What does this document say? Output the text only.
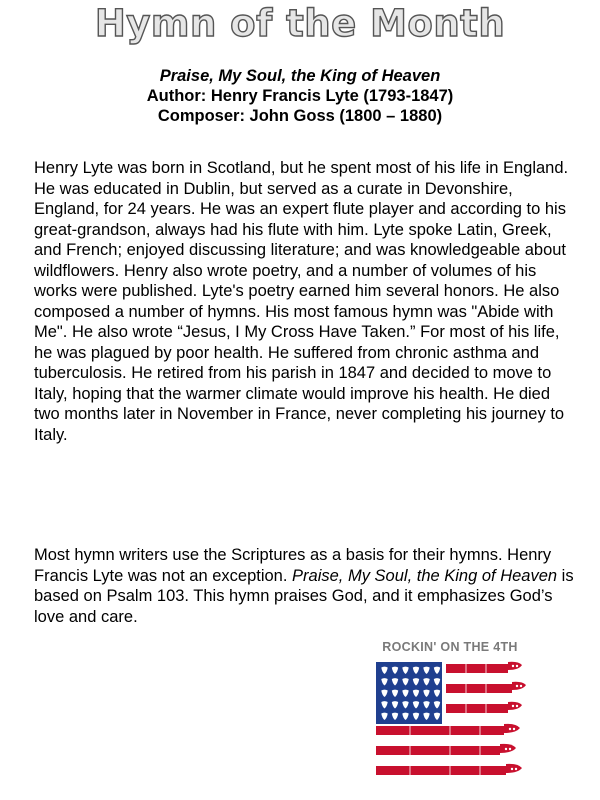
Hymn of the Month
Praise, My Soul, the King of Heaven
Author: Henry Francis Lyte (1793-1847)
Composer: John Goss (1800 – 1880)

Henry Lyte was born in Scotland, but he spent most of his life in England. He was educated in Dublin, but served as a curate in Devonshire, England, for 24 years. He was an expert flute player and according to his great-grandson, always had his flute with him. Lyte spoke Latin, Greek, and French; enjoyed discussing literature; and was knowledgeable about wildflowers. Henry also wrote poetry, and a number of volumes of his works were published. Lyte's poetry earned him several honors. He also composed a number of hymns. His most famous hymn was "Abide with Me". He also wrote “Jesus, I My Cross Have Taken.” For most of his life, he was plagued by poor health. He suffered from chronic asthma and tuberculosis. He retired from his parish in 1847 and decided to move to Italy, hoping that the warmer climate would improve his health. He died two months later in November in France, never completing his journey to Italy.

Most hymn writers use the Scriptures as a basis for their hymns. Henry Francis Lyte was not an exception. Praise, My Soul, the King of Heaven is based on Psalm 103. This hymn praises God, and it emphasizes God’s love and care.

ROCKIN' ON THE 4TH
